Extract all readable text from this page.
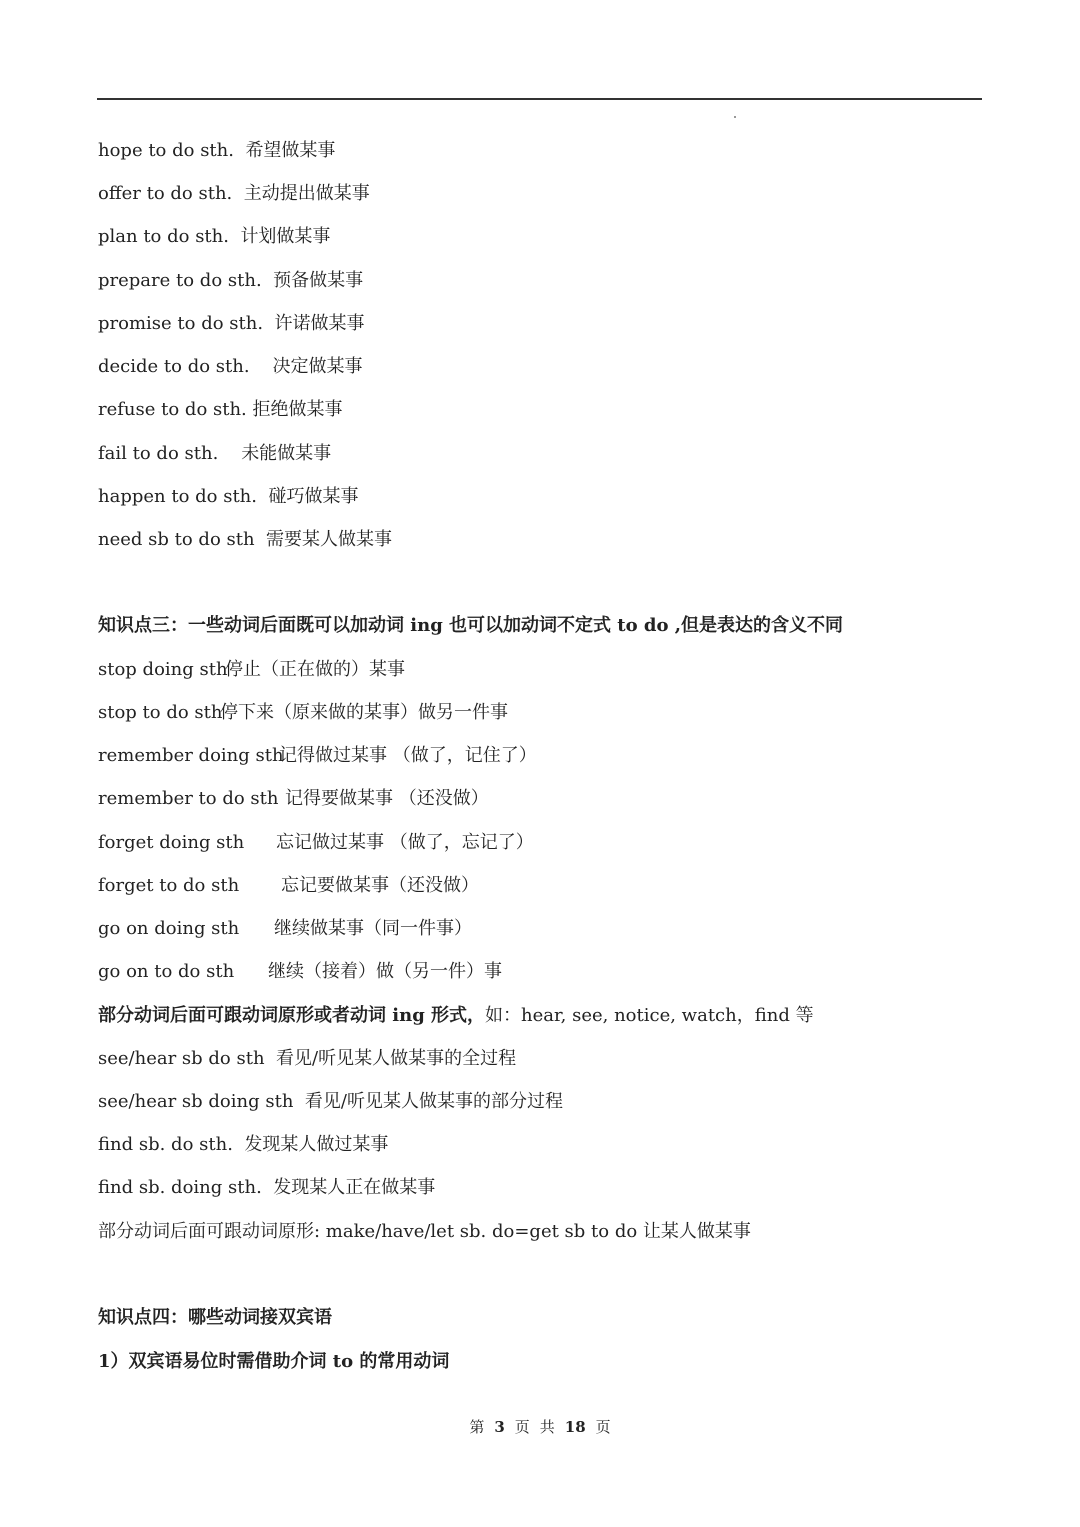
hope to do sth. 希望做某事
offer to do sth. 主动提出做某事
plan to do sth. 计划做某事
prepare to do sth. 预备做某事
promise to do sth. 许诺做某事
decide to do sth. 决定做某事
refuse to do sth. 拒绝做某事
fail to do sth. 未能做某事
happen to do sth. 碰巧做某事
need sb to do sth 需要某人做某事
知识点三：一些动词后面既可以加动词 ing 也可以加动词不定式 to do ,但是表达的含义不同
stop doing sth停止（正在做的）某事
stop to do sth停下来（原来做的某事）做另一件事
remember doing sth记得做过某事 （做了，记住了）
remember to do sth 记得要做某事 （还没做）
forget doing sth 忘记做过某事 （做了，忘记了）
forget to do sth 忘记要做某事（还没做）
go on doing sth 继续做某事（同一件事）
go on to do sth 继续（接着）做（另一件）事
部分动词后面可跟动词原形或者动词 ing 形式，如：hear, see, notice, watch，find 等
see/hear sb do sth 看见/听见某人做某事的全过程
see/hear sb doing sth 看见/听见某人做某事的部分过程
find sb. do sth. 发现某人做过某事
find sb. doing sth. 发现某人正在做某事
部分动词后面可跟动词原形: make/have/let sb. do=get sb to do 让某人做某事
知识点四：哪些动词接双宾语
1）双宾语易位时需借助介词 to 的常用动词
第 3 页 共 18 页
